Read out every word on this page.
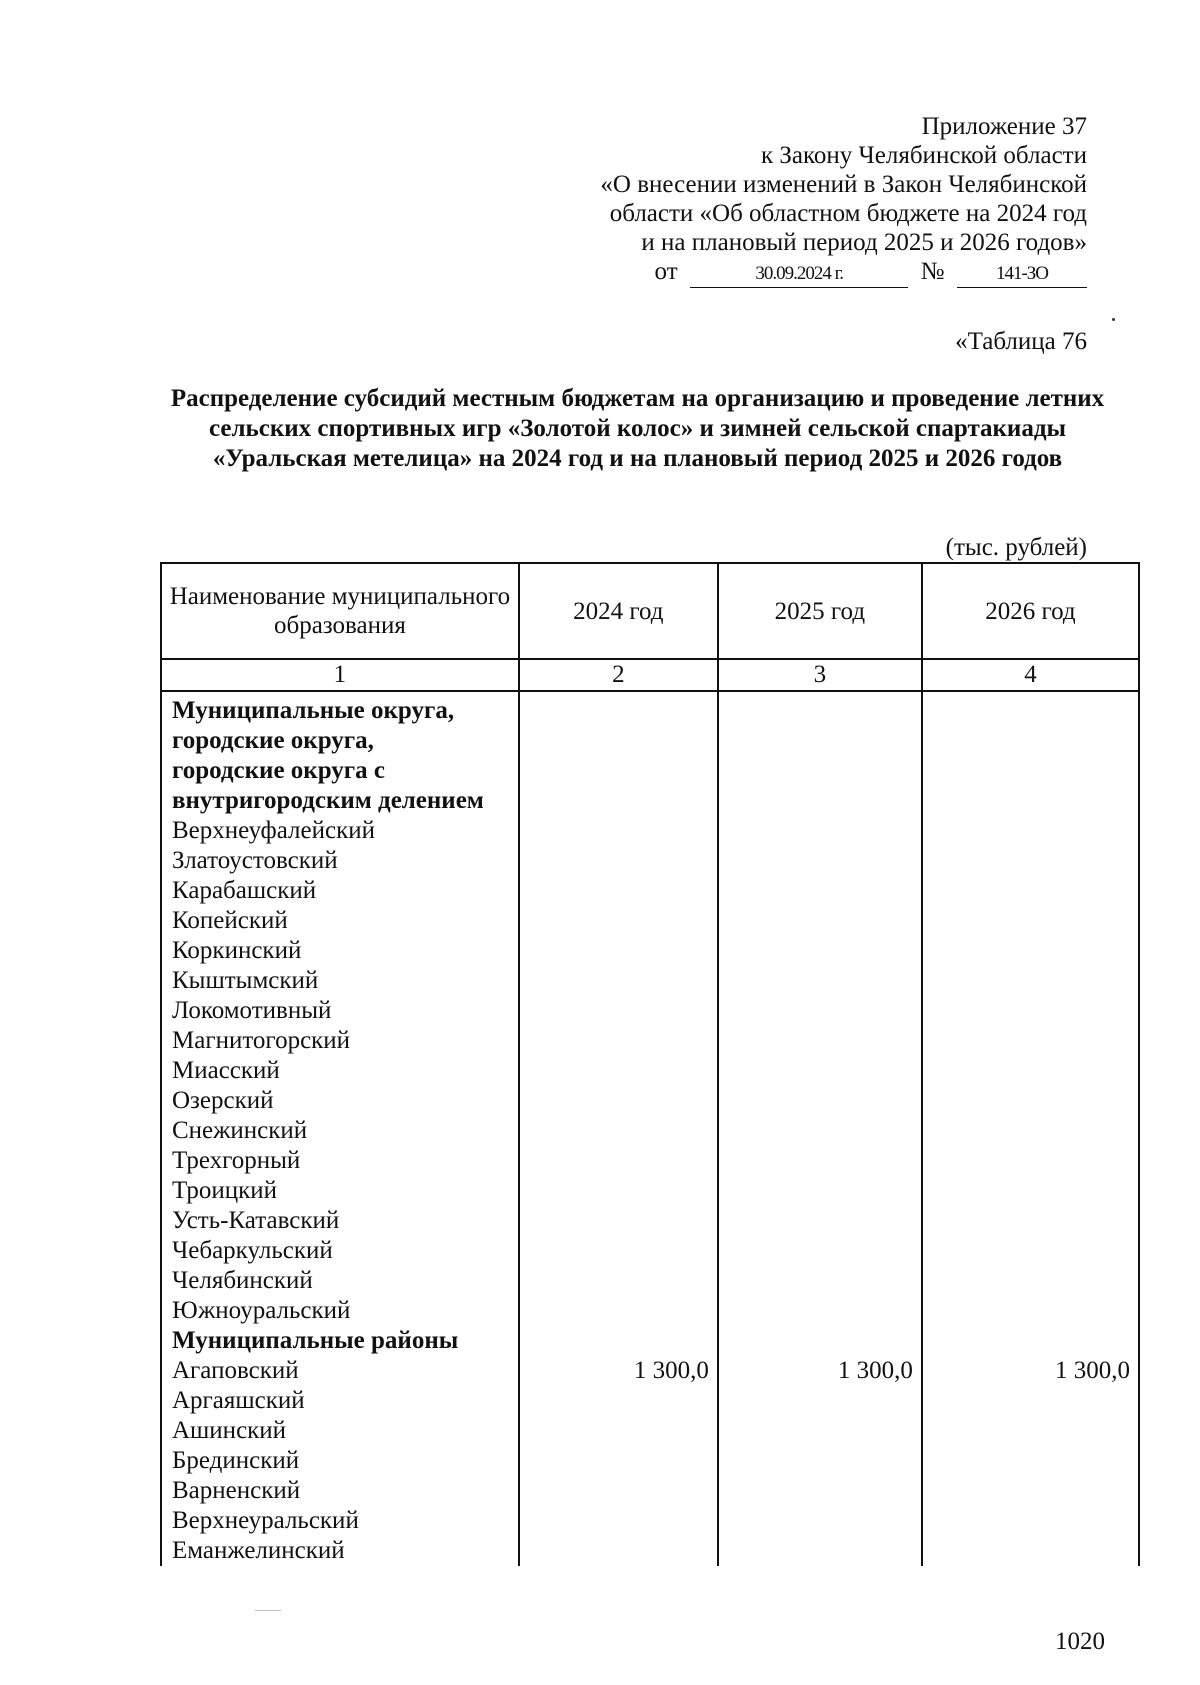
Приложение 37
к Закону Челябинской области
«О внесении изменений в Закон Челябинской
области «Об областном бюджете на 2024 год
и на плановый период 2025 и 2026 годов»
от	30.09.2024 г.	№	141-ЗО
«Таблица 76
Распределение субсидий местным бюджетам на организацию и проведение летних сельских спортивных игр «Золотой колос» и зимней сельской спартакиады «Уральская метелица» на 2024 год и на плановый период 2025 и 2026 годов
(тыс. рублей)
Наименование муниципального образования	2024 год	2025 год	2026 год
1	2	3	4
Муниципальные округа,			
городские округа,			
городские округа с			
внутригородским делением			
Верхнеуфалейский			
Златоустовский			
Карабашский			
Копейский			
Коркинский			
Кыштымский			
Локомотивный			
Магнитогорский			
Миасский			
Озерский			
Снежинский			
Трехгорный			
Троицкий			
Усть-Катавский			
Чебаркульский			
Челябинский			
Южноуральский			
Муниципальные районы			
Агаповский	1 300,0	1 300,0	1 300,0
Аргаяшский			
Ашинский			
Брединский			
Варненский			
Верхнеуральский			
Еманжелинский			
1020
